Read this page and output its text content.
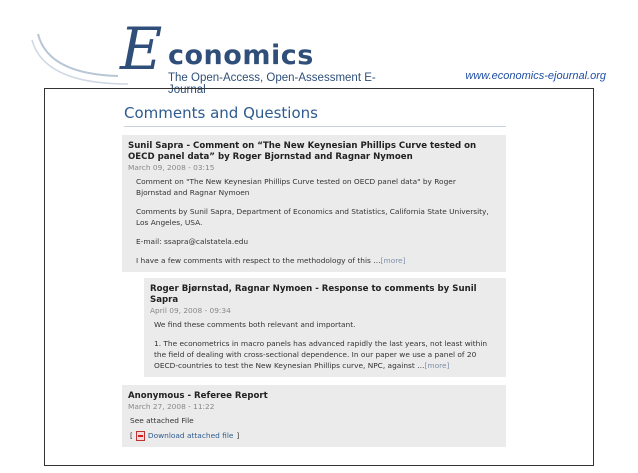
E conomics
The Open-Access, Open-Assessment E-Journal
www.economics-ejournal.org
Comments and Questions
Sunil Sapra - Comment on “The New Keynesian Phillips Curve tested on OECD panel data” by Roger Bjornstad and Ragnar Nymoen
March 09, 2008 - 03:15

Comment on "The New Keynesian Phillips Curve tested on OECD panel data" by Roger Bjornstad and Ragnar Nymoen

Comments by Sunil Sapra, Department of Economics and Statistics, California State University, Los Angeles, USA.

E-mail: ssapra@calstatela.edu

I have a few comments with respect to the methodology of this …[more]

Roger Bjørnstad, Ragnar Nymoen - Response to comments by Sunil Sapra
April 09, 2008 - 09:34

We find these comments both relevant and important.

1. The econometrics in macro panels has advanced rapidly the last years, not least within the field of dealing with cross-sectional dependence. In our paper we use a panel of 20 OECD-countries to test the New Keynesian Phillips curve, NPC, against …[more]

Anonymous - Referee Report
March 27, 2008 - 11:22

See attached File

[ Download attached file ]
